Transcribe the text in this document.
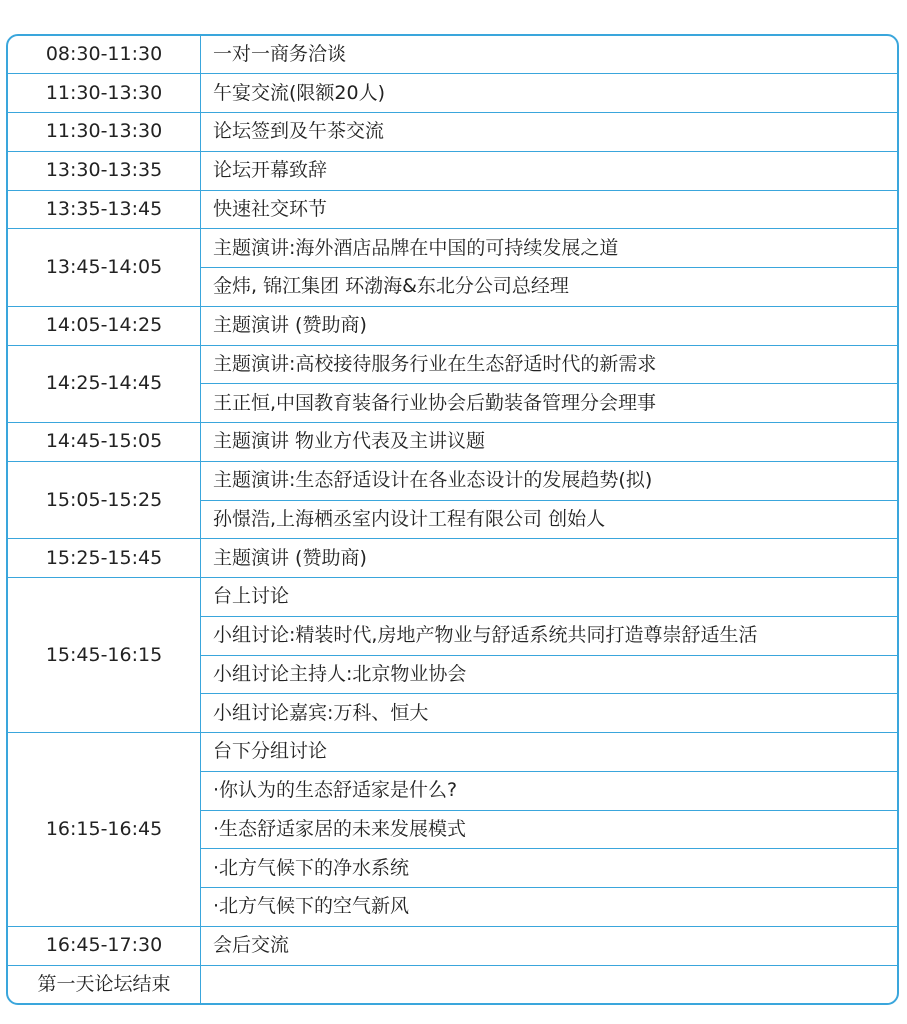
08:30-11:30	一对一商务洽谈
11:30-13:30	午宴交流(限额20人)
11:30-13:30	论坛签到及午茶交流
13:30-13:35	论坛开幕致辞
13:35-13:45	快速社交环节
13:45-14:05	主题演讲:海外酒店品牌在中国的可持续发展之道
	金炜, 锦江集团 环渤海&东北分公司总经理
14:05-14:25	主题演讲 (赞助商)
14:25-14:45	主题演讲:高校接待服务行业在生态舒适时代的新需求
	王正恒,中国教育装备行业协会后勤装备管理分会理事
14:45-15:05	主题演讲 物业方代表及主讲议题
15:05-15:25	主题演讲:生态舒适设计在各业态设计的发展趋势(拟)
	孙憬浩,上海栖丞室内设计工程有限公司 创始人
15:25-15:45	主题演讲 (赞助商)
15:45-16:15	台上讨论
	小组讨论:精装时代,房地产物业与舒适系统共同打造尊崇舒适生活
	小组讨论主持人:北京物业协会
	小组讨论嘉宾:万科、恒大
16:15-16:45	台下分组讨论
	·你认为的生态舒适家是什么?
	·生态舒适家居的未来发展模式
	·北方气候下的净水系统
	·北方气候下的空气新风
16:45-17:30	会后交流
第一天论坛结束	
